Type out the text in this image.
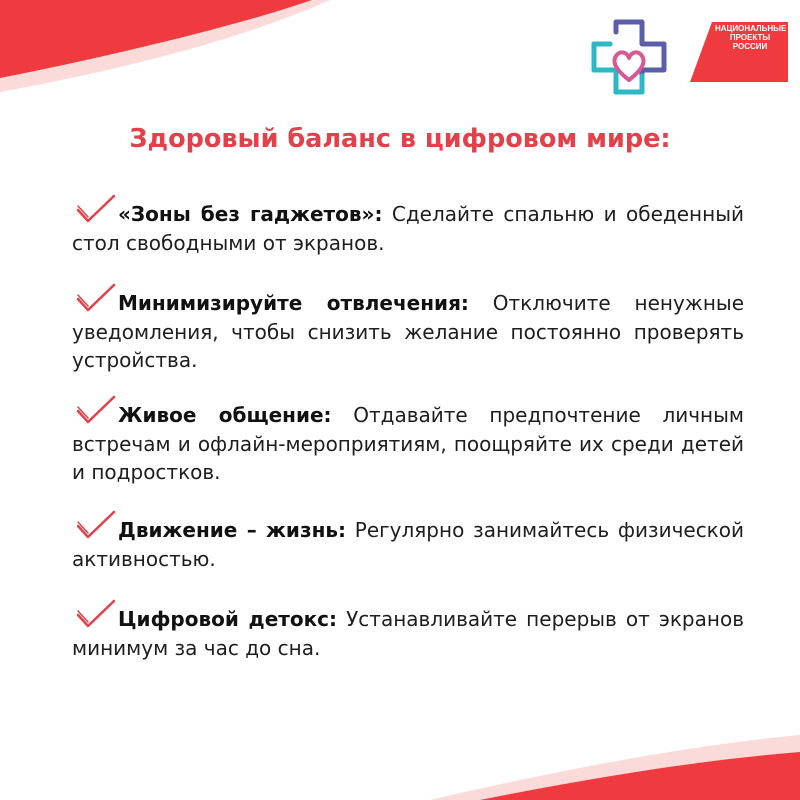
НАЦИОНАЛЬНЫЕ
ПРОЕКТЫ
РОССИИ
Здоровый баланс в цифровом мире:
«Зоны без гаджетов»: Сделайте спальню и обеденный стол свободными от экранов.
Минимизируйте отвлечения: Отключите ненужные уведомления, чтобы снизить желание постоянно проверять устройства.
Живое общение: Отдавайте предпочтение личным встречам и офлайн-мероприятиям, поощряйте их среди детей и подростков.
Движение – жизнь: Регулярно занимайтесь физической активностью.
Цифровой детокс: Устанавливайте перерыв от экранов минимум за час до сна.
